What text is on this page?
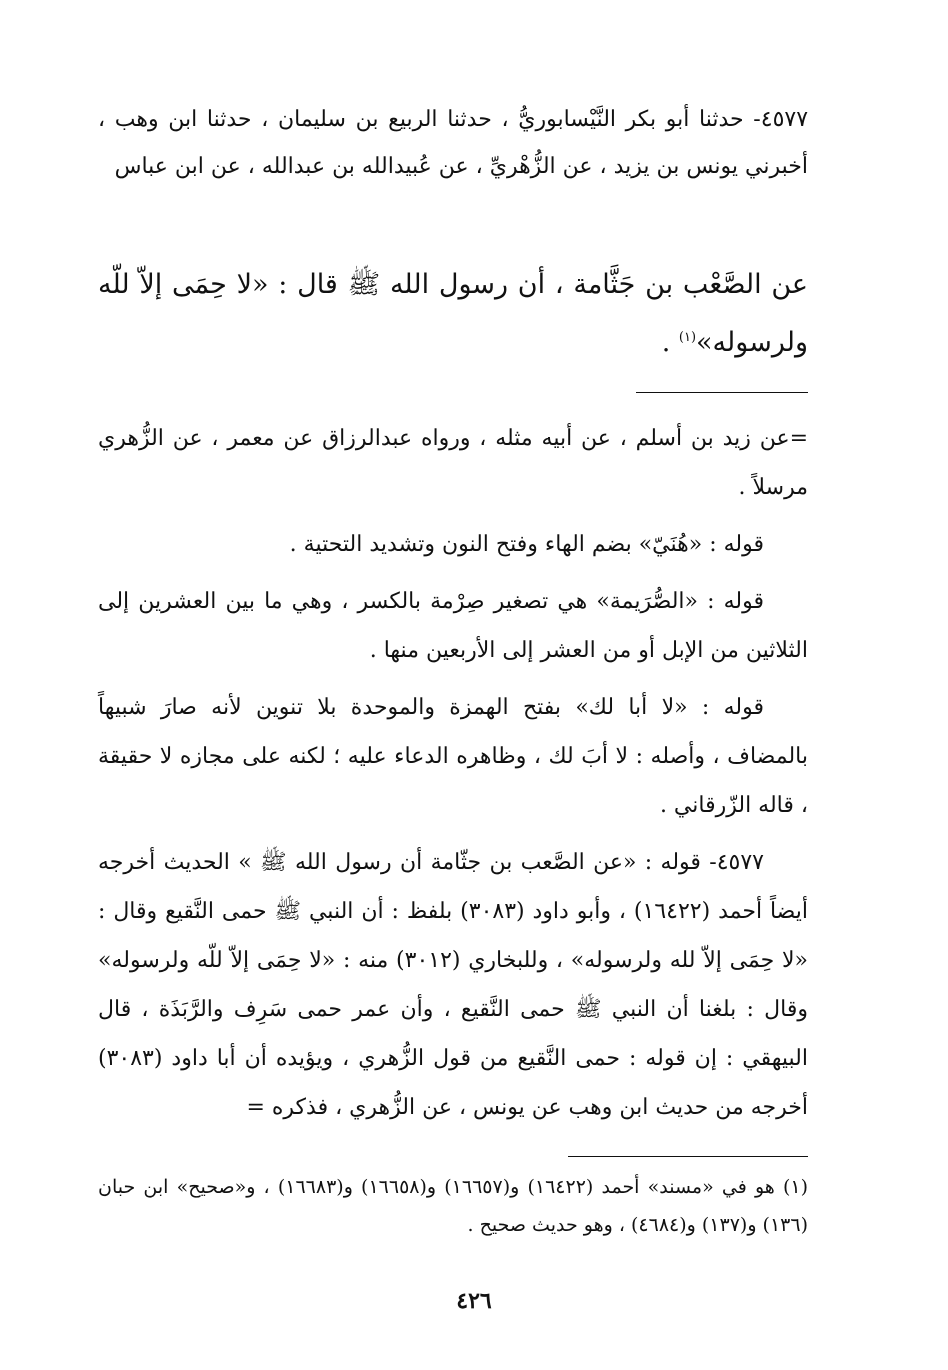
٤٥٧٧- حدثنا أبو بكر النَّيْسابوريُّ ، حدثنا الربيع بن سليمان ، حدثنا ابن وهب ، أخبرني يونس بن يزيد ، عن الزُّهْريِّ ، عن عُبيدالله بن عبدالله ، عن ابن عباس
عن الصَّعْب بن جَثَّامة ، أن رسول الله ﷺ قال : «لا حِمَى إلاّ للّه ولرسوله»$^{(١)}$ .

=عن زيد بن أسلم ، عن أبيه مثله ، ورواه عبدالرزاق عن معمر ، عن الزُّهري مرسلاً .

قوله : «هُنَيّ» بضم الهاء وفتح النون وتشديد التحتية .

قوله : «الصُّرَيمة» هي تصغير صِرْمة بالكسر ، وهي ما بين العشرين إلى الثلاثين من الإبل أو من العشر إلى الأربعين منها .

قوله : «لا أبا لك» بفتح الهمزة والموحدة بلا تنوين لأنه صارَ شبيهاً بالمضاف ، وأصله : لا أبَ لك ، وظاهره الدعاء عليه ؛ لكنه على مجازه لا حقيقة ، قاله الزّرقاني .

٤٥٧٧- قوله : «عن الصَّعب بن جثّامة أن رسول الله ﷺ » الحديث أخرجه أيضاً أحمد (١٦٤٢٢) ، وأبو داود (٣٠٨٣) بلفظ : أن النبي ﷺ حمى النَّقيع وقال : «لا حِمَى إلاّ لله ولرسوله» ، وللبخاري (٣٠١٢) منه : «لا حِمَى إلاّ للّه ولرسوله» وقال : بلغنا أن النبي ﷺ حمى النَّقيع ، وأن عمر حمى سَرِف والرَّبَذَة ، قال البيهقي : إن قوله : حمى النَّقيع من قول الزُّهري ، ويؤيده أن أبا داود (٣٠٨٣) أخرجه من حديث ابن وهب عن يونس ، عن الزُّهري ، فذكره =

(١) هو في «مسند» أحمد (١٦٤٢٢) و(١٦٦٥٧) و(١٦٦٥٨) و(١٦٦٨٣) ، و«صحيح» ابن حبان (١٣٦) و(١٣٧) و(٤٦٨٤) ، وهو حديث صحيح .
٤٢٦
